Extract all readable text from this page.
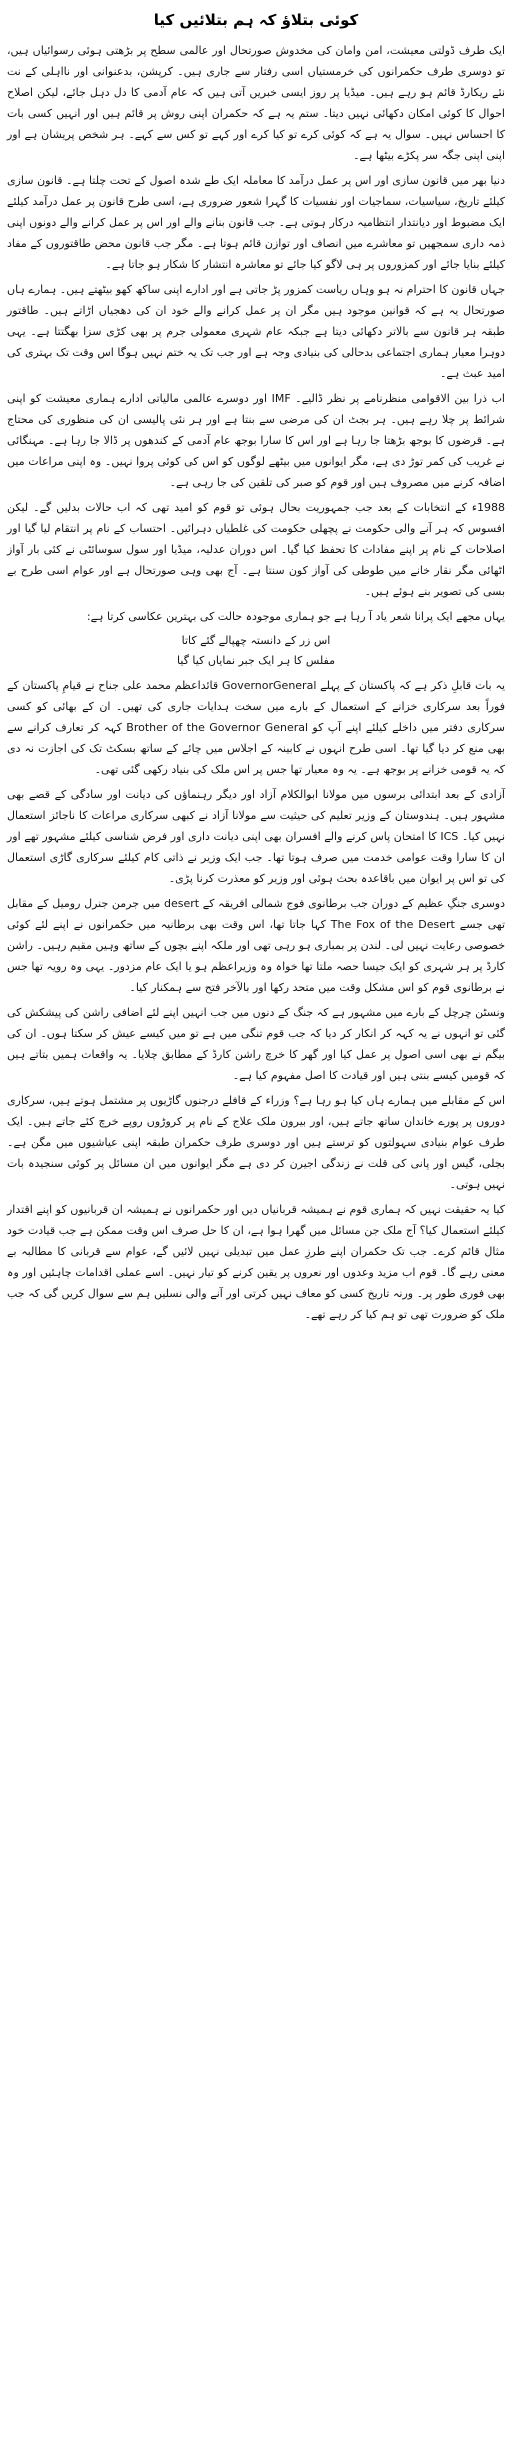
کوئی بتلاؤ کہ ہم بتلائیں کیا

ایک طرف ڈولتی معیشت، امن وامان کی مخدوش صورتحال اور عالمی سطح پر بڑھتی ہوئی رسوائیاں ہیں، تو دوسری طرف حکمرانوں کی خرمستیاں اسی رفتار سے جاری ہیں۔ کرپشن، بدعنوانی اور نااہلی کے نت نئے ریکارڈ قائم ہو رہے ہیں۔ میڈیا پر روز ایسی خبریں آتی ہیں کہ عام آدمی کا دل دہل جائے، لیکن اصلاح احوال کا کوئی امکان دکھائی نہیں دیتا۔ ستم یہ ہے کہ حکمران اپنی روش پر قائم ہیں اور انہیں کسی بات کا احساس نہیں۔ سوال یہ ہے کہ کوئی کرے تو کیا کرے اور کہے تو کس سے کہے۔ ہر شخص پریشان ہے اور اپنی اپنی جگہ سر پکڑے بیٹھا ہے۔

دنیا بھر میں قانون سازی اور اس پر عمل درآمد کا معاملہ ایک طے شدہ اصول کے تحت چلتا ہے۔ قانون سازی کیلئے تاریخ، سیاسیات، سماجیات اور نفسیات کا گہرا شعور ضروری ہے، اسی طرح قانون پر عمل درآمد کیلئے ایک مضبوط اور دیانتدار انتظامیہ درکار ہوتی ہے۔ جب قانون بنانے والے اور اس پر عمل کرانے والے دونوں اپنی ذمہ داری سمجھیں تو معاشرے میں انصاف اور توازن قائم ہوتا ہے۔ مگر جب قانون محض طاقتوروں کے مفاد کیلئے بنایا جائے اور کمزوروں پر ہی لاگو کیا جائے تو معاشرہ انتشار کا شکار ہو جاتا ہے۔

جہاں قانون کا احترام نہ ہو وہاں ریاست کمزور پڑ جاتی ہے اور ادارے اپنی ساکھ کھو بیٹھتے ہیں۔ ہمارے ہاں صورتحال یہ ہے کہ قوانین موجود ہیں مگر ان پر عمل کرانے والے خود ان کی دھجیاں اڑاتے ہیں۔ طاقتور طبقہ ہر قانون سے بالاتر دکھائی دیتا ہے جبکہ عام شہری معمولی جرم پر بھی کڑی سزا بھگتتا ہے۔ یہی دوہرا معیار ہماری اجتماعی بدحالی کی بنیادی وجہ ہے اور جب تک یہ ختم نہیں ہوگا اس وقت تک بہتری کی امید عبث ہے۔

اب ذرا بین الاقوامی منظرنامے پر نظر ڈالیے۔ IMF اور دوسرے عالمی مالیاتی ادارے ہماری معیشت کو اپنی شرائط پر چلا رہے ہیں۔ ہر بجٹ ان کی مرضی سے بنتا ہے اور ہر نئی پالیسی ان کی منظوری کی محتاج ہے۔ قرضوں کا بوجھ بڑھتا جا رہا ہے اور اس کا سارا بوجھ عام آدمی کے کندھوں پر ڈالا جا رہا ہے۔ مہنگائی نے غریب کی کمر توڑ دی ہے، مگر ایوانوں میں بیٹھے لوگوں کو اس کی کوئی پروا نہیں۔ وہ اپنی مراعات میں اضافہ کرنے میں مصروف ہیں اور قوم کو صبر کی تلقین کی جا رہی ہے۔

1988ء کے انتخابات کے بعد جب جمہوریت بحال ہوئی تو قوم کو امید تھی کہ اب حالات بدلیں گے۔ لیکن افسوس کہ ہر آنے والی حکومت نے پچھلی حکومت کی غلطیاں دہرائیں۔ احتساب کے نام پر انتقام لیا گیا اور اصلاحات کے نام پر اپنے مفادات کا تحفظ کیا گیا۔ اس دوران عدلیہ، میڈیا اور سول سوسائٹی نے کئی بار آواز اٹھائی مگر نقار خانے میں طوطی کی آواز کون سنتا ہے۔ آج بھی وہی صورتحال ہے اور عوام اسی طرح بے بسی کی تصویر بنے ہوئے ہیں۔

یہاں مجھے ایک پرانا شعر یاد آ رہا ہے جو ہماری موجودہ حالت کی بہترین عکاسی کرتا ہے:

اس زر کے دانستہ چھپالے گئے کاتا
مفلس کا ہر ایک جبر نمایاں کیا گیا

یہ بات قابلِ ذکر ہے کہ پاکستان کے پہلے GovernorGeneral قائداعظم محمد علی جناح نے قیامِ پاکستان کے فوراً بعد سرکاری خزانے کے استعمال کے بارے میں سخت ہدایات جاری کی تھیں۔ ان کے بھائی کو کسی سرکاری دفتر میں داخلے کیلئے اپنے آپ کو Brother of the Governor General کہہ کر تعارف کرانے سے بھی منع کر دیا گیا تھا۔ اسی طرح انہوں نے کابینہ کے اجلاس میں چائے کے ساتھ بسکٹ تک کی اجازت نہ دی کہ یہ قومی خزانے پر بوجھ ہے۔ یہ وہ معیار تھا جس پر اس ملک کی بنیاد رکھی گئی تھی۔

آزادی کے بعد ابتدائی برسوں میں مولانا ابوالکلام آزاد اور دیگر رہنماؤں کی دیانت اور سادگی کے قصے بھی مشہور ہیں۔ ہندوستان کے وزیر تعلیم کی حیثیت سے مولانا آزاد نے کبھی سرکاری مراعات کا ناجائز استعمال نہیں کیا۔ ICS کا امتحان پاس کرنے والے افسران بھی اپنی دیانت داری اور فرض شناسی کیلئے مشہور تھے اور ان کا سارا وقت عوامی خدمت میں صرف ہوتا تھا۔ جب ایک وزیر نے ذاتی کام کیلئے سرکاری گاڑی استعمال کی تو اس پر ایوان میں باقاعدہ بحث ہوئی اور وزیر کو معذرت کرنا پڑی۔

دوسری جنگِ عظیم کے دوران جب برطانوی فوج شمالی افریقہ کے desert میں جرمن جنرل رومیل کے مقابل تھی جسے The Fox of the Desert کہا جاتا تھا، اس وقت بھی برطانیہ میں حکمرانوں نے اپنے لئے کوئی خصوصی رعایت نہیں لی۔ لندن پر بمباری ہو رہی تھی اور ملکہ اپنے بچوں کے ساتھ وہیں مقیم رہیں۔ راشن کارڈ پر ہر شہری کو ایک جیسا حصہ ملتا تھا خواہ وہ وزیراعظم ہو یا ایک عام مزدور۔ یہی وہ رویہ تھا جس نے برطانوی قوم کو اس مشکل وقت میں متحد رکھا اور بالآخر فتح سے ہمکنار کیا۔

ونسٹن چرچل کے بارے میں مشہور ہے کہ جنگ کے دنوں میں جب انہیں اپنے لئے اضافی راشن کی پیشکش کی گئی تو انہوں نے یہ کہہ کر انکار کر دیا کہ جب قوم تنگی میں ہے تو میں کیسے عیش کر سکتا ہوں۔ ان کی بیگم نے بھی اسی اصول پر عمل کیا اور گھر کا خرچ راشن کارڈ کے مطابق چلایا۔ یہ واقعات ہمیں بتاتے ہیں کہ قومیں کیسے بنتی ہیں اور قیادت کا اصل مفہوم کیا ہے۔

اس کے مقابلے میں ہمارے ہاں کیا ہو رہا ہے؟ وزراء کے قافلے درجنوں گاڑیوں پر مشتمل ہوتے ہیں، سرکاری دوروں پر پورے خاندان ساتھ جاتے ہیں، اور بیرون ملک علاج کے نام پر کروڑوں روپے خرچ کئے جاتے ہیں۔ ایک طرف عوام بنیادی سہولتوں کو ترستے ہیں اور دوسری طرف حکمران طبقہ اپنی عیاشیوں میں مگن ہے۔ بجلی، گیس اور پانی کی قلت نے زندگی اجیرن کر دی ہے مگر ایوانوں میں ان مسائل پر کوئی سنجیدہ بات نہیں ہوتی۔

کیا یہ حقیقت نہیں کہ ہماری قوم نے ہمیشہ قربانیاں دیں اور حکمرانوں نے ہمیشہ ان قربانیوں کو اپنے اقتدار کیلئے استعمال کیا؟ آج ملک جن مسائل میں گھرا ہوا ہے، ان کا حل صرف اس وقت ممکن ہے جب قیادت خود مثال قائم کرے۔ جب تک حکمران اپنے طرزِ عمل میں تبدیلی نہیں لائیں گے، عوام سے قربانی کا مطالبہ بے معنی رہے گا۔ قوم اب مزید وعدوں اور نعروں پر یقین کرنے کو تیار نہیں۔ اسے عملی اقدامات چاہئیں اور وہ بھی فوری طور پر۔ ورنہ تاریخ کسی کو معاف نہیں کرتی اور آنے والی نسلیں ہم سے سوال کریں گی کہ جب ملک کو ضرورت تھی تو ہم کیا کر رہے تھے۔
